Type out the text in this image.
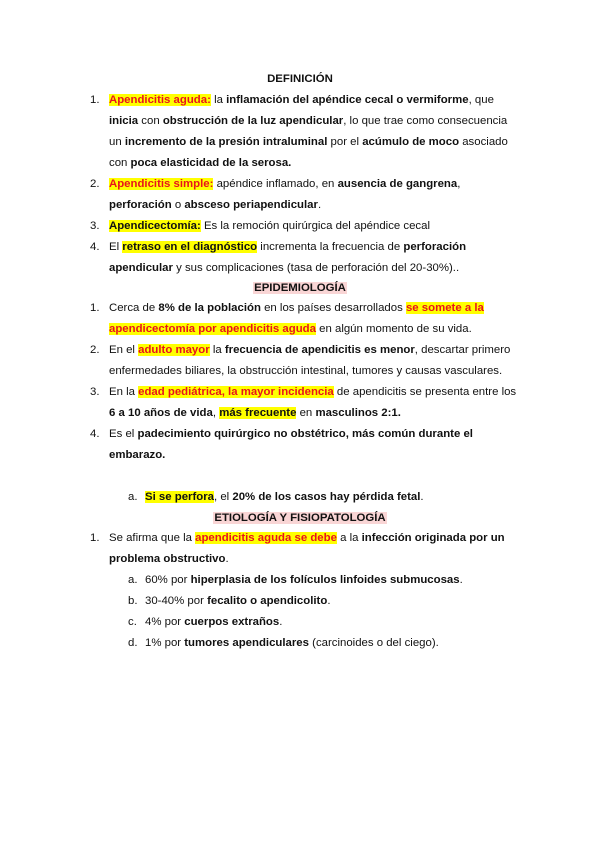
DEFINICIÓN
1. Apendicitis aguda: la inflamación del apéndice cecal o vermiforme, que inicia con obstrucción de la luz apendicular, lo que trae como consecuencia un incremento de la presión intraluminal por el acúmulo de moco asociado con poca elasticidad de la serosa.
2. Apendicitis simple: apéndice inflamado, en ausencia de gangrena, perforación o absceso periapendicular.
3. Apendicectomía: Es la remoción quirúrgica del apéndice cecal
4. El retraso en el diagnóstico incrementa la frecuencia de perforación apendicular y sus complicaciones (tasa de perforación del 20-30%)..
EPIDEMIOLOGÍA
1. Cerca de 8% de la población en los países desarrollados se somete a la apendicectomía por apendicitis aguda en algún momento de su vida.
2. En el adulto mayor la frecuencia de apendicitis es menor, descartar primero enfermedades biliares, la obstrucción intestinal, tumores y causas vasculares.
3. En la edad pediátrica, la mayor incidencia de apendicitis se presenta entre los 6 a 10 años de vida, más frecuente en masculinos 2:1.
4. Es el padecimiento quirúrgico no obstétrico, más común durante el embarazo.
a. Si se perfora, el 20% de los casos hay pérdida fetal.
ETIOLOGÍA Y FISIOPATOLOGÍA
1. Se afirma que la apendicitis aguda se debe a la infección originada por un problema obstructivo.
a. 60% por hiperplasia de los folículos linfoides submucosas.
b. 30-40% por fecalito o apendicolito.
c. 4% por cuerpos extraños.
d. 1% por tumores apendiculares (carcinoides o del ciego).
